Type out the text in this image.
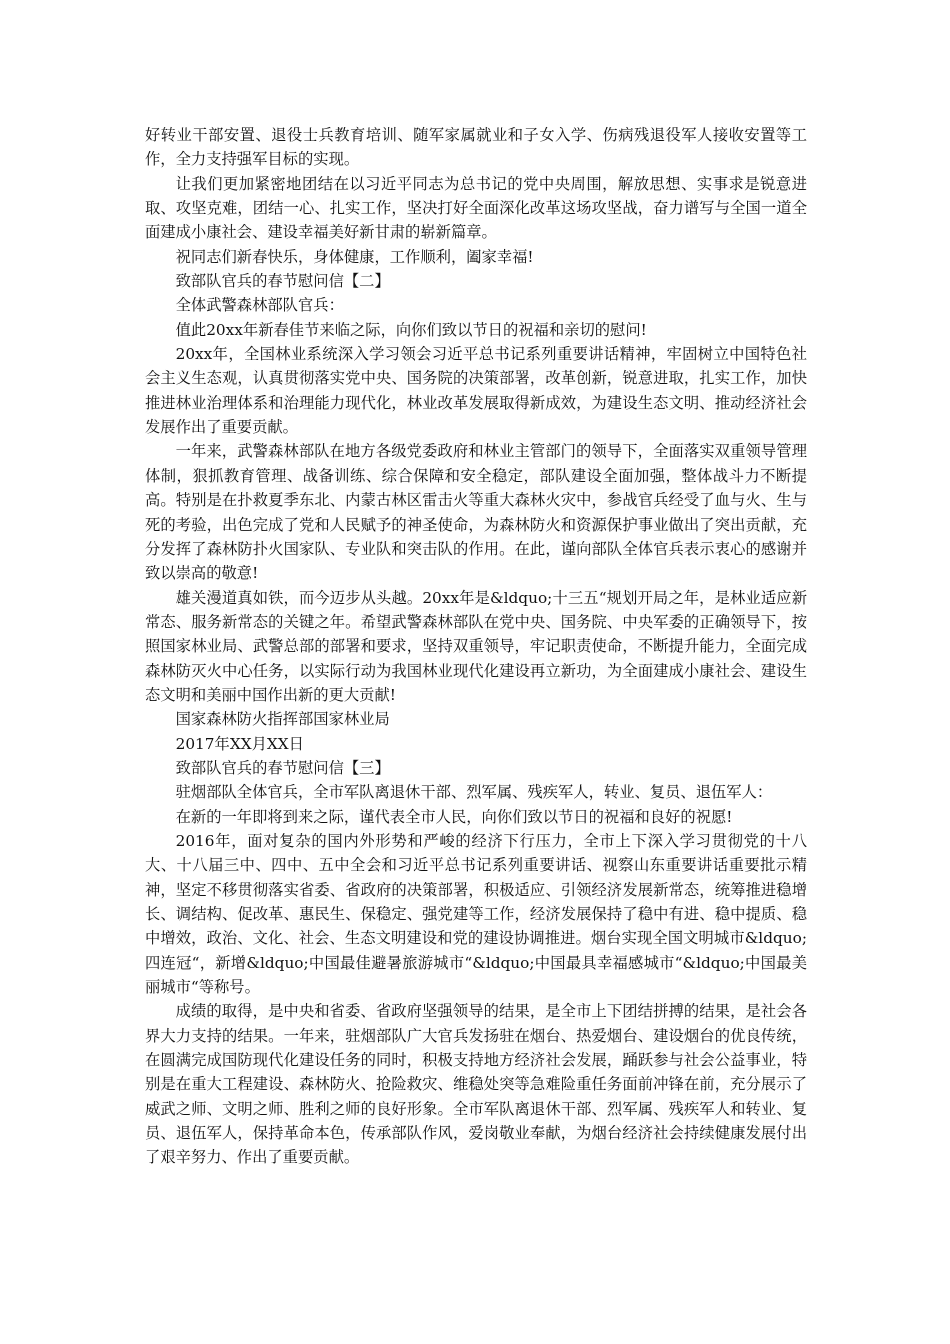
好转业干部安置、退役士兵教育培训、随军家属就业和子女入学、伤病残退役军人接收安置等工作，全力支持强军目标的实现。

让我们更加紧密地团结在以习近平同志为总书记的党中央周围，解放思想、实事求是锐意进取、攻坚克难，团结一心、扎实工作，坚决打好全面深化改革这场攻坚战，奋力谱写与全国一道全面建成小康社会、建设幸福美好新甘肃的崭新篇章。

祝同志们新春快乐，身体健康，工作顺利，阖家幸福!

致部队官兵的春节慰问信【二】

全体武警森林部队官兵：

值此20xx年新春佳节来临之际，向你们致以节日的祝福和亲切的慰问!

20xx年，全国林业系统深入学习领会习近平总书记系列重要讲话精神，牢固树立中国特色社会主义生态观，认真贯彻落实党中央、国务院的决策部署，改革创新，锐意进取，扎实工作，加快推进林业治理体系和治理能力现代化，林业改革发展取得新成效，为建设生态文明、推动经济社会发展作出了重要贡献。

一年来，武警森林部队在地方各级党委政府和林业主管部门的领导下，全面落实双重领导管理体制，狠抓教育管理、战备训练、综合保障和安全稳定，部队建设全面加强，整体战斗力不断提高。特别是在扑救夏季东北、内蒙古林区雷击火等重大森林火灾中，参战官兵经受了血与火、生与死的考验，出色完成了党和人民赋予的神圣使命，为森林防火和资源保护事业做出了突出贡献，充分发挥了森林防扑火国家队、专业队和突击队的作用。在此，谨向部队全体官兵表示衷心的感谢并致以崇高的敬意!

雄关漫道真如铁，而今迈步从头越。20xx年是&ldquo;十三五“规划开局之年，是林业适应新常态、服务新常态的关键之年。希望武警森林部队在党中央、国务院、中央军委的正确领导下，按照国家林业局、武警总部的部署和要求，坚持双重领导，牢记职责使命，不断提升能力，全面完成森林防灭火中心任务，以实际行动为我国林业现代化建设再立新功，为全面建成小康社会、建设生态文明和美丽中国作出新的更大贡献!

国家森林防火指挥部国家林业局

2017年XX月XX日

致部队官兵的春节慰问信【三】

驻烟部队全体官兵，全市军队离退休干部、烈军属、残疾军人，转业、复员、退伍军人：

在新的一年即将到来之际，谨代表全市人民，向你们致以节日的祝福和良好的祝愿!

2016年，面对复杂的国内外形势和严峻的经济下行压力，全市上下深入学习贯彻党的十八大、十八届三中、四中、五中全会和习近平总书记系列重要讲话、视察山东重要讲话重要批示精神，坚定不移贯彻落实省委、省政府的决策部署，积极适应、引领经济发展新常态，统筹推进稳增长、调结构、促改革、惠民生、保稳定、强党建等工作，经济发展保持了稳中有进、稳中提质、稳中增效，政治、文化、社会、生态文明建设和党的建设协调推进。烟台实现全国文明城市&ldquo;四连冠“，新增&ldquo;中国最佳避暑旅游城市“&ldquo;中国最具幸福感城市“&ldquo;中国最美丽城市“等称号。

成绩的取得，是中央和省委、省政府坚强领导的结果，是全市上下团结拼搏的结果，是社会各界大力支持的结果。一年来，驻烟部队广大官兵发扬驻在烟台、热爱烟台、建设烟台的优良传统，在圆满完成国防现代化建设任务的同时，积极支持地方经济社会发展，踊跃参与社会公益事业，特别是在重大工程建设、森林防火、抢险救灾、维稳处突等急难险重任务面前冲锋在前，充分展示了威武之师、文明之师、胜利之师的良好形象。全市军队离退休干部、烈军属、残疾军人和转业、复员、退伍军人，保持革命本色，传承部队作风，爱岗敬业奉献，为烟台经济社会持续健康发展付出了艰辛努力、作出了重要贡献。
